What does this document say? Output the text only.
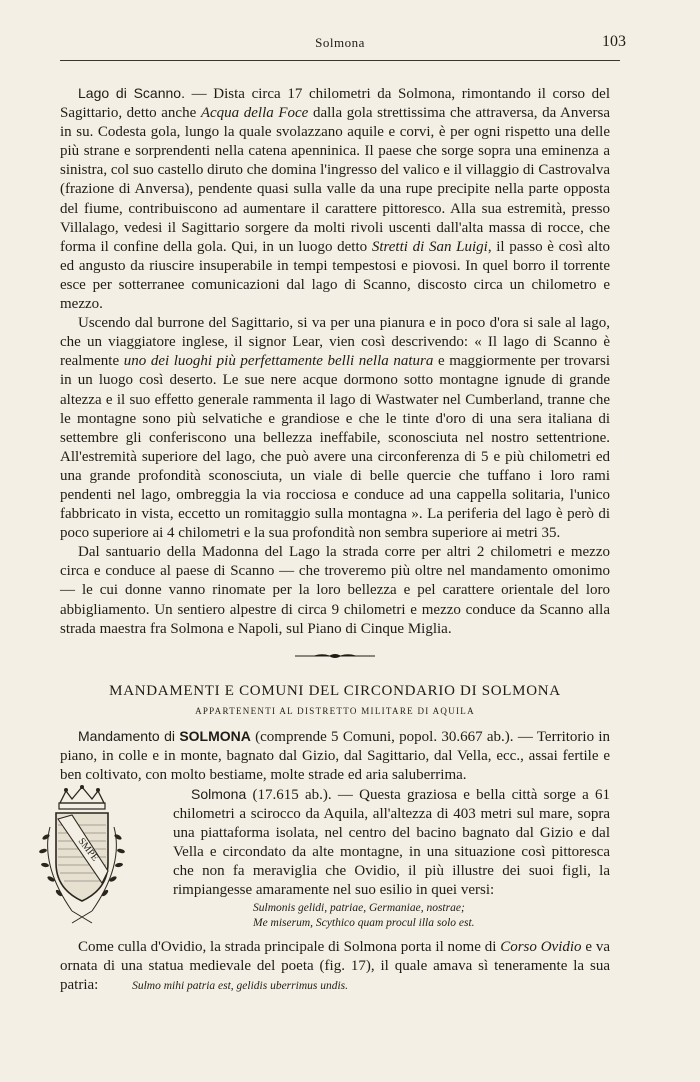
Solmona	103

Lago di Scanno. — Dista circa 17 chilometri da Solmona, rimontando il corso del Sagittario, detto anche Acqua della Foce dalla gola strettissima che attraversa, da Anversa in su. Codesta gola, lungo la quale svolazzano aquile e corvi, è per ogni rispetto una delle più strane e sorprendenti nella catena apenninica. Il paese che sorge sopra una eminenza a sinistra, col suo castello diruto che domina l'ingresso del valico e il villaggio di Castrovalva (frazione di Anversa), pendente quasi sulla valle da una rupe precipite nella parte opposta del fiume, contribuiscono ad aumentare il carattere pittoresco. Alla sua estremità, presso Villalago, vedesi il Sagittario sorgere da molti rivoli uscenti dall'alta massa di rocce, che forma il confine della gola. Qui, in un luogo detto Stretti di San Luigi, il passo è così alto ed angusto da riuscire insuperabile in tempi tempestosi e piovosi. In quel borro il torrente esce per sotterranee comunicazioni dal lago di Scanno, discosto circa un chilometro e mezzo.

Uscendo dal burrone del Sagittario, si va per una pianura e in poco d'ora si sale al lago, che un viaggiatore inglese, il signor Lear, vien così descrivendo: « Il lago di Scanno è realmente uno dei luoghi più perfettamente belli nella natura e maggiormente per trovarsi in un luogo così deserto. Le sue nere acque dormono sotto montagne ignude di grande altezza e il suo effetto generale rammenta il lago di Wastwater nel Cumberland, tranne che le montagne sono più selvatiche e grandiose e che le tinte d'oro di una sera italiana di settembre gli conferiscono una bellezza ineffabile, sconosciuta nel nostro settentrione. All'estremità superiore del lago, che può avere una circonferenza di 5 e più chilometri ed una grande profondità sconosciuta, un viale di belle quercie che tuffano i loro rami pendenti nel lago, ombreggia la via rocciosa e conduce ad una cappella solitaria, l'unico fabbricato in vista, eccetto un romitaggio sulla montagna ». La periferia del lago è però di poco superiore ai 4 chilometri e la sua profondità non sembra superiore ai metri 35.

Dal santuario della Madonna del Lago la strada corre per altri 2 chilometri e mezzo circa e conduce al paese di Scanno — che troveremo più oltre nel mandamento omonimo — le cui donne vanno rinomate per la loro bellezza e pel carattere orientale del loro abbigliamento. Un sentiero alpestre di circa 9 chilometri e mezzo conduce da Scanno alla strada maestra fra Solmona e Napoli, sul Piano di Cinque Miglia.

MANDAMENTI E COMUNI DEL CIRCONDARIO DI SOLMONA
APPARTENENTI AL DISTRETTO MILITARE DI AQUILA

Mandamento di SOLMONA (comprende 5 Comuni, popol. 30.667 ab.). — Territorio in piano, in colle e in monte, bagnato dal Gizio, dal Sagittario, dal Vella, ecc., assai fertile e ben coltivato, con molto bestiame, molte strade ed aria saluberrima.

SMPE

Solmona (17.615 ab.). — Questa graziosa e bella città sorge a 61 chilometri a scirocco da Aquila, all'altezza di 403 metri sul mare, sopra una piattaforma isolata, nel centro del bacino bagnato dal Gizio e dal Vella e circondato da alte montagne, in una situazione così pittoresca che non fa meraviglia che Ovidio, il più illustre dei suoi figli, la rimpiangesse amaramente nel suo esilio in quei versi:

Sulmonis gelidi, patriae, Germaniae, nostrae;
Me miserum, Scythico quam procul illa solo est.

Come culla d'Ovidio, la strada principale di Solmona porta il nome di Corso Ovidio e va ornata di una statua medievale del poeta (fig. 17), il quale amava sì teneramente la sua patria:	Sulmo mihi patria est, gelidis uberrimus undis.
